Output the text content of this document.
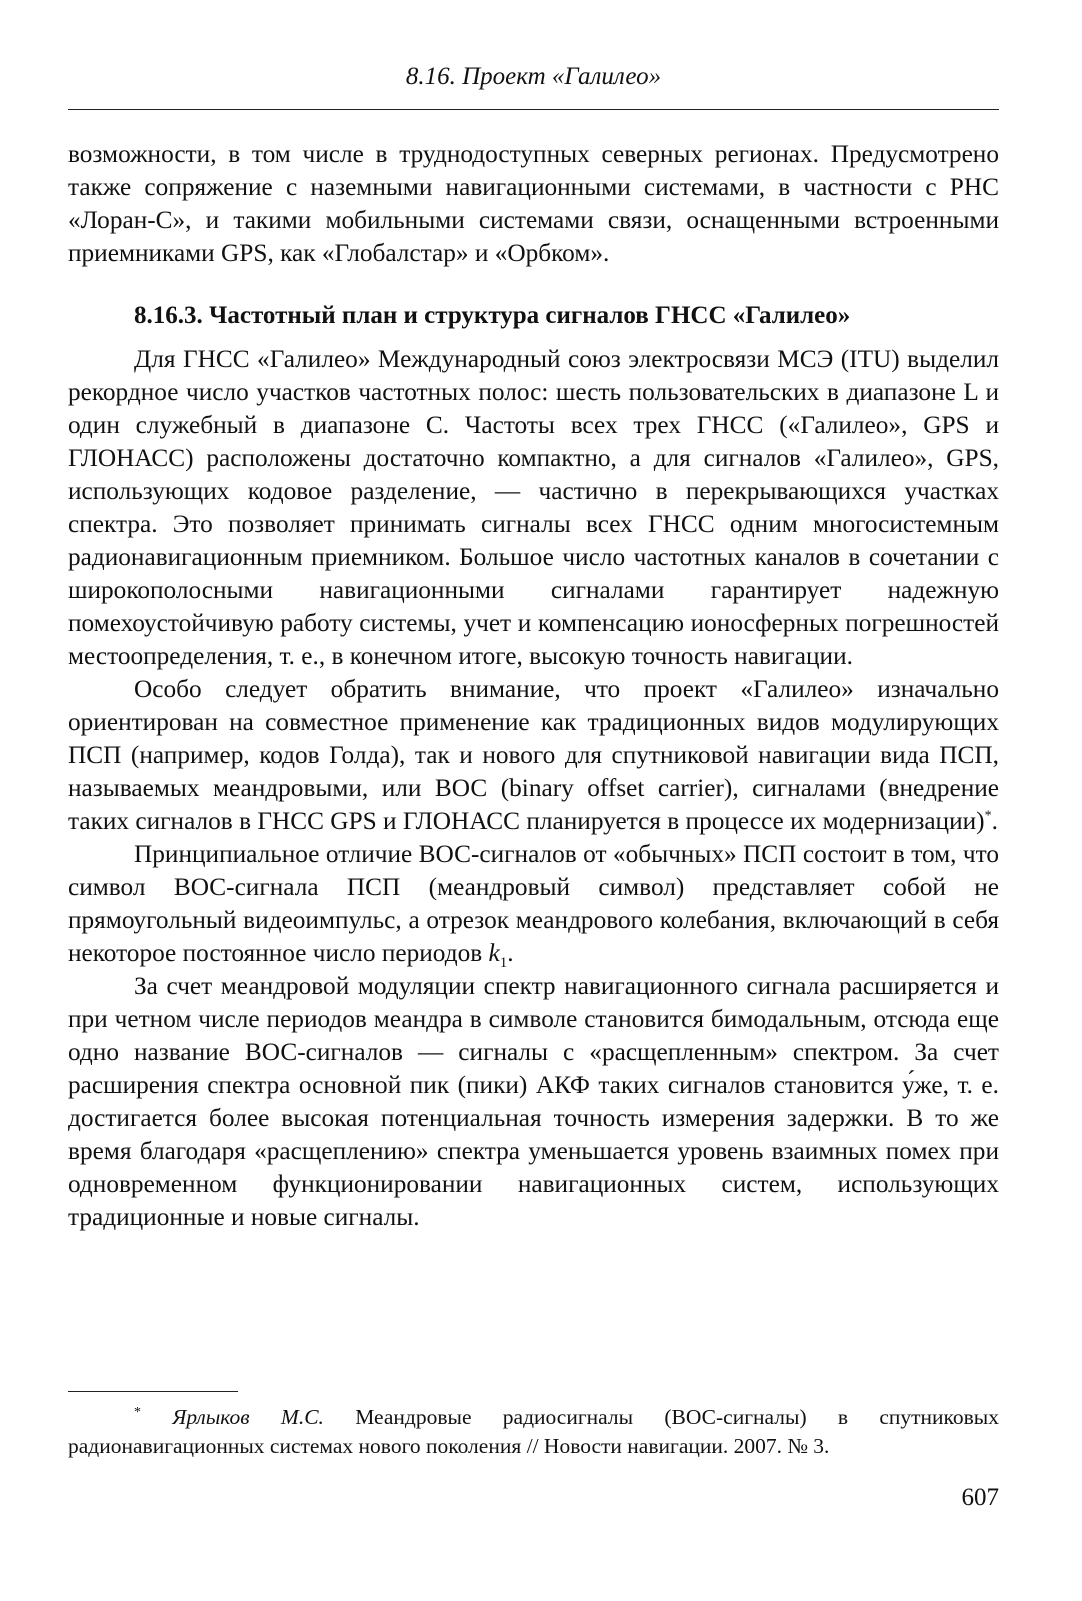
8.16. Проект «Галилео»

возможности, в том числе в труднодоступных северных регионах. Предусмотрено также сопряжение с наземными навигационными системами, в частности с РНС «Лоран-С», и такими мобильными системами связи, оснащенными встроенными приемниками GPS, как «Глобалстар» и «Орбком».

8.16.3. Частотный план и структура сигналов ГНСС «Галилео»

Для ГНСС «Галилео» Международный союз электросвязи МСЭ (ITU) выделил рекордное число участков частотных полос: шесть пользовательских в диапазоне L и один служебный в диапазоне C. Частоты всех трех ГНСС («Галилео», GPS и ГЛОНАСС) расположены достаточно компактно, а для сигналов «Галилео», GPS, использующих кодовое разделение, — частично в перекрывающихся участках спектра. Это позволяет принимать сигналы всех ГНСС одним многосистемным радионавигационным приемником. Большое число частотных каналов в сочетании с широкополосными навигационными сигналами гарантирует надежную помехоустойчивую работу системы, учет и компенсацию ионосферных погрешностей местоопределения, т. е., в конечном итоге, высокую точность навигации.

Особо следует обратить внимание, что проект «Галилео» изначально ориентирован на совместное применение как традиционных видов модулирующих ПСП (например, кодов Голда), так и нового для спутниковой навигации вида ПСП, называемых меандровыми, или ВОС (binary offset carrier), сигналами (внедрение таких сигналов в ГНСС GPS и ГЛОНАСС планируется в процессе их модернизации)*.

Принципиальное отличие ВОС-сигналов от «обычных» ПСП состоит в том, что символ ВОС-сигнала ПСП (меандровый символ) представляет собой не прямоугольный видеоимпульс, а отрезок меандрового колебания, включающий в себя некоторое постоянное число периодов $k_1$.

За счет меандровой модуляции спектр навигационного сигнала расширяется и при четном числе периодов меандра в символе становится бимодальным, отсюда еще одно название ВОС-сигналов — сигналы с «расщепленным» спектром. За счет расширения спектра основной пик (пики) АКФ таких сигналов становится у́же, т. е. достигается более высокая потенциальная точность измерения задержки. В то же время благодаря «расщеплению» спектра уменьшается уровень взаимных помех при одновременном функционировании навигационных систем, использующих традиционные и новые сигналы.

* Ярлыков М.С. Меандровые радиосигналы (ВОС-сигналы) в спутниковых радионавигационных системах нового поколения // Новости навигации. 2007. № 3.
607
